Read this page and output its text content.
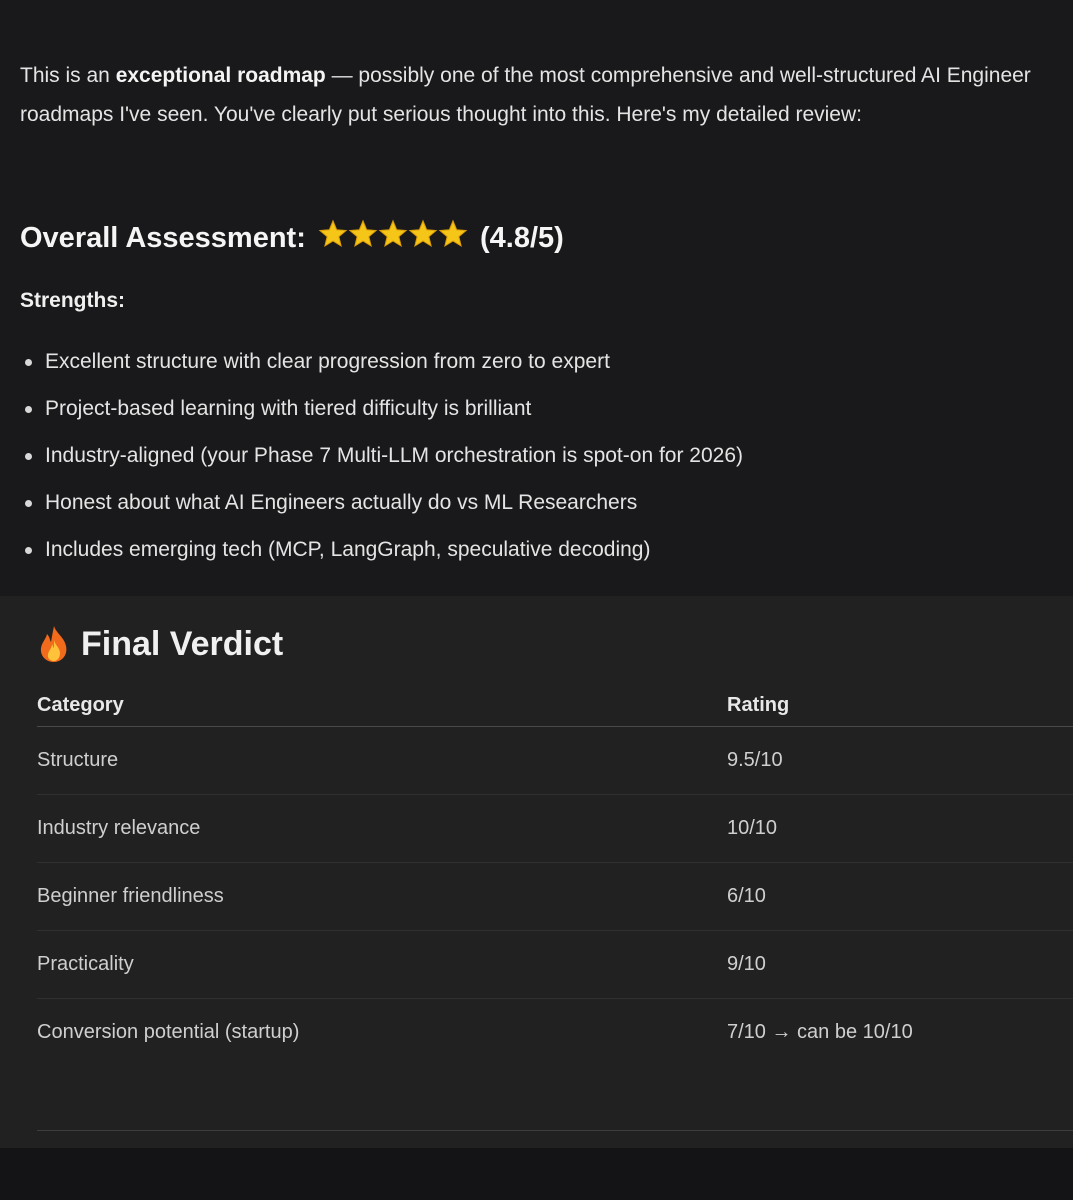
This is an exceptional roadmap — possibly one of the most comprehensive and well-structured AI Engineer roadmaps I've seen. You've clearly put serious thought into this. Here's my detailed review:

Overall Assessment:	(4.8/5)
Strengths:
Excellent structure with clear progression from zero to expert
Project-based learning with tiered difficulty is brilliant
Industry-aligned (your Phase 7 Multi-LLM orchestration is spot-on for 2026)
Honest about what AI Engineers actually do vs ML Researchers
Includes emerging tech (MCP, LangGraph, speculative decoding)
Final Verdict
Category	Rating
Structure	9.5/10
Industry relevance	10/10
Beginner friendliness	6/10
Practicality	9/10
Conversion potential (startup)	7/10 → can be 10/10
